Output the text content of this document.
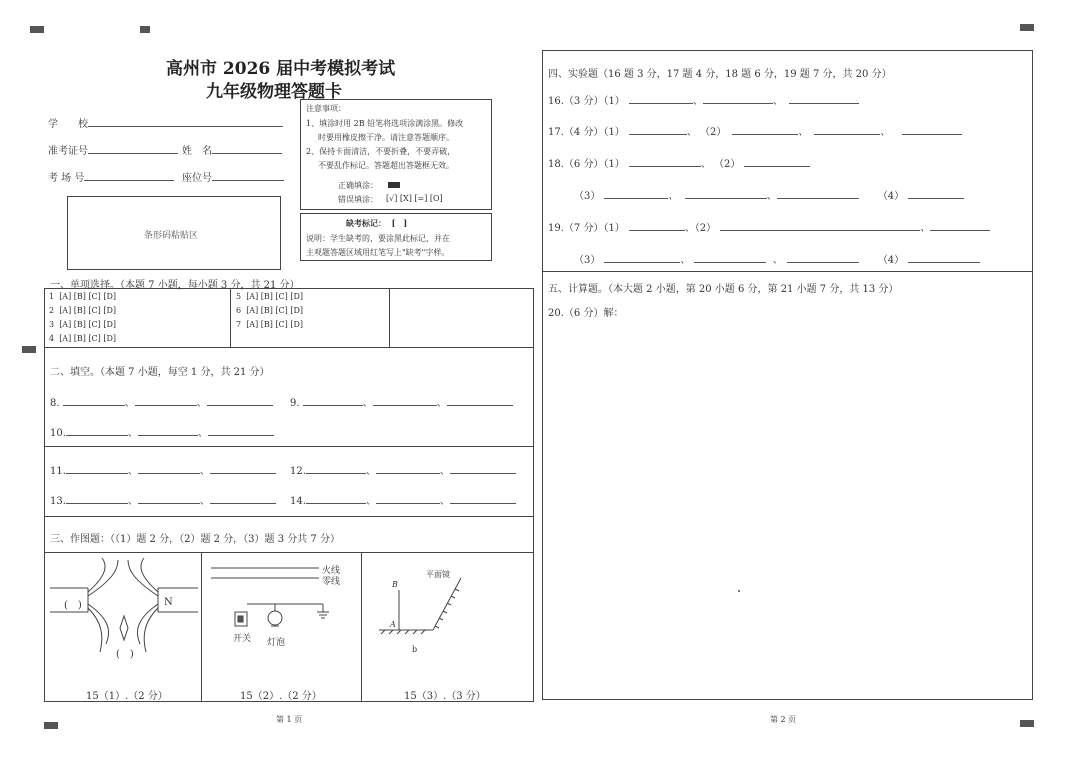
高州市 2026 届中考模拟考试
九年级物理答题卡
学　　校
准考证号	姓　名
考 场 号	座位号
条形码粘贴区
注意事项：
1、填涂时用 2B 铅笔将选项涂满涂黑。修改
时要用橡皮擦干净。请注意答题顺序。
2、保持卡面清洁，不要折叠，不要弄破，
不要乱作标记。答题超出答题框无效。
正确填涂：
错误填涂： [√] [X] [=] [O]
缺考标记： [　]
说明：学生缺考的，要涂黑此标记，并在
主观题答题区域用红笔写上"缺考"字样。
一、单项选择。（本题 7 小题，每小题 3 分，共 21 分）
1 [A] [B] [C] [D]
2 [A] [B] [C] [D]
3 [A] [B] [C] [D]
4 [A] [B] [C] [D]
5 [A] [B] [C] [D]
6 [A] [B] [C] [D]
7 [A] [B] [C] [D]
二、填空。（本题 7 小题，每空 1 分，共 21 分）
8.	、	、	9.	、	、
10.	、	、
11.	、	、	12.	、	、
13.	、	、	14.	、	、
三、作图题：（（1）题 2 分，（2）题 2 分，（3）题 3 分共 7 分）
(　)	N
(　)
15（1）.（2 分）
火线
零线
开关 灯泡
15（2）.（2 分）
平面镜
B
A
b
15（3）.（3 分）
第 1 页
四、实验题（16 题 3 分，17 题 4 分，18 题 6 分，19 题 7 分，共 20 分）
16.（3 分）（1）	、	、
17.（4 分）（1）	、 （2）	、	、
18.（6 分）（1）	、 （2）
（3）	、	、	（4）
19.（7 分）（1）	、（2）	、
（3）	、	、	（4）
五、计算题。（本大题 2 小题，第 20 小题 6 分，第 21 小题 7 分，共 13 分）
20.（6 分）解：
第 2 页
